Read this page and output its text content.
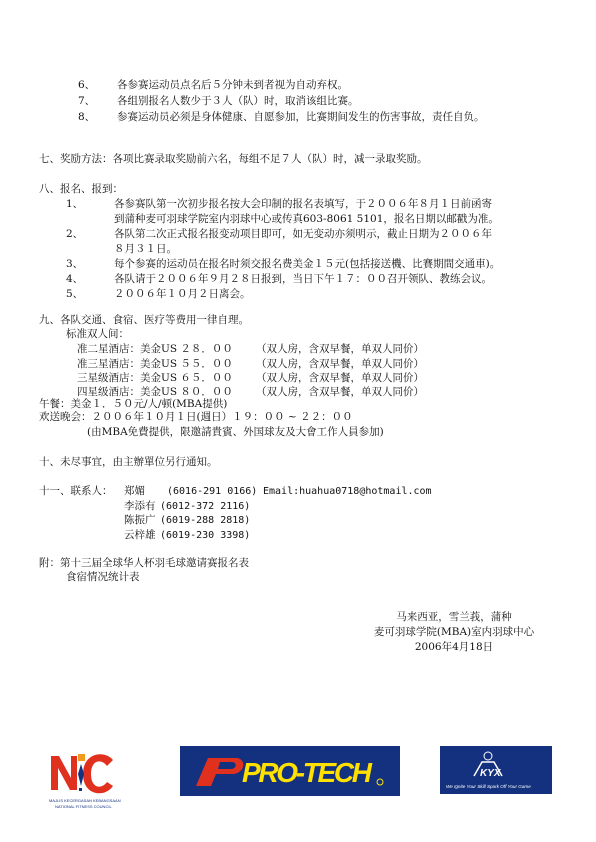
6、 各参赛运动员点名后５分钟未到者视为自动弃权。
7、 各组别报名人数少于３人（队）时，取消该组比赛。
8、 参赛运动员必须是身体健康、自愿参加，比赛期间发生的伤害事故，责任自负。
七、奖励方法：各项比赛录取奖励前六名，每组不足７人（队）时，减一录取奖励。
八、报名、报到：
1、	各参赛队第一次初步报名按大会印制的报名表填写，于２００６年８月１日前函寄
到蒲种麦可羽球学院室内羽球中心或传真603-8061 5101，报名日期以邮戳为准。
2、	各队第二次正式报名报变动项目即可，如无变动亦须明示，截止日期为２００６年
８月３１日。
3、	每个参赛的运动员在报名时须交报名费美金１５元(包括接送機、比賽期間交通車)。
4、	各队请于２００６年９月２８日报到，当日下午１７：００召开领队、教练会议。
5、	２００６年１０月２日离会。
九、各队交通、食宿、医疗等费用一律自理。
标准双人间：
准二星酒店：美金US ２８．００ （双人房，含双早餐，单双人同价）
准三星酒店：美金US ５５．００ （双人房，含双早餐，单双人同价）
三星级酒店：美金US ６５．００ （双人房，含双早餐，单双人同价）
四星级酒店：美金US ８０．００ （双人房，含双早餐，单双人同价）
午餐：美金１．５０元/人/顿(MBA提供)
欢送晚会：２００６年１０月１日(週日）１９：００ ~ ２２：００
(由MBA免費提供，限邀請貴賓、外国球友及大會工作人員参加)
十、未尽事宜，由主辦單位另行通知。
十一、联系人： 郑媚 (6016-291 0166) Email:huahua0718@hotmail.com
李添有 (6012-372 2116)
陈振广 (6019-288 2818)
云梓雄 (6019-230 3398)
附：第十三届全球华人杯羽毛球邀请赛报名表
食宿情况统计表
马来西亚，雪兰莪，蒲种
麦可羽球学院(MBA)室内羽球中心
2006年4月18日
MAJLIS KECERGASAN KEBANGSAAN
NATIONAL FITNESS COUNCIL
PRO-TECH	KYX
We Ignite Your Skill Spark Off Your Game
